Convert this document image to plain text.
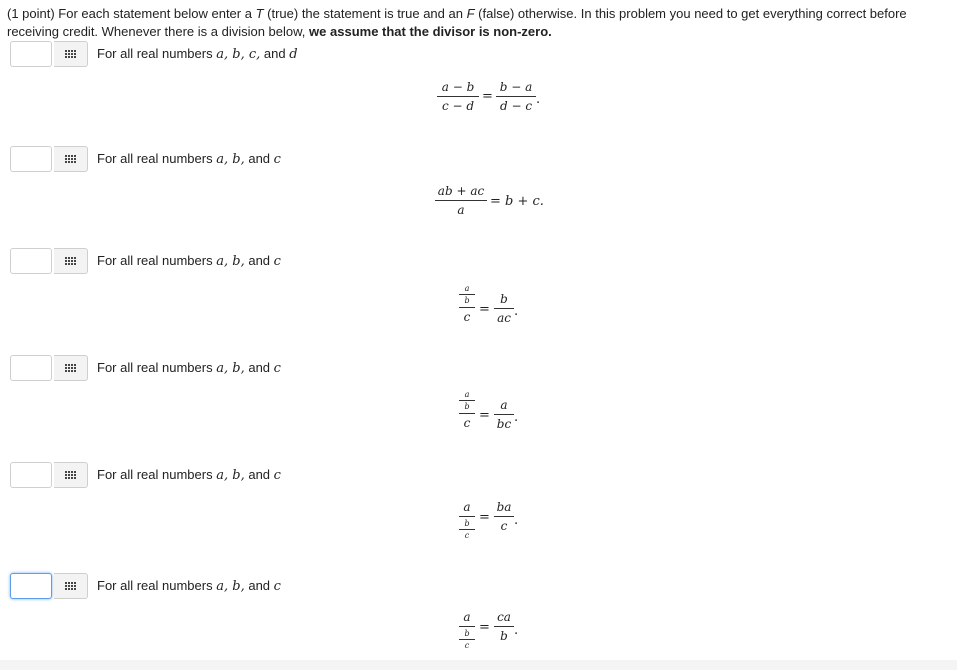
(1 point) For each statement below enter a T (true) the statement is true and an F (false) otherwise. In this problem you need to get everything correct before receiving credit. Whenever there is a division below, we assume that the divisor is non-zero.
For all real numbers a, b, c, and d
For all real numbers a, b, and c
For all real numbers a, b, and c
For all real numbers a, b, and c
For all real numbers a, b, and c
For all real numbers a, b, and c
a − b
c − d
=
b − a
d − c .
ab + ac
a
= b + c.
a
b
c =
b
ac .
a
b
c =
a
bc .
a
b
c
=
ba
c .
a
b
c
=
ca
b .
